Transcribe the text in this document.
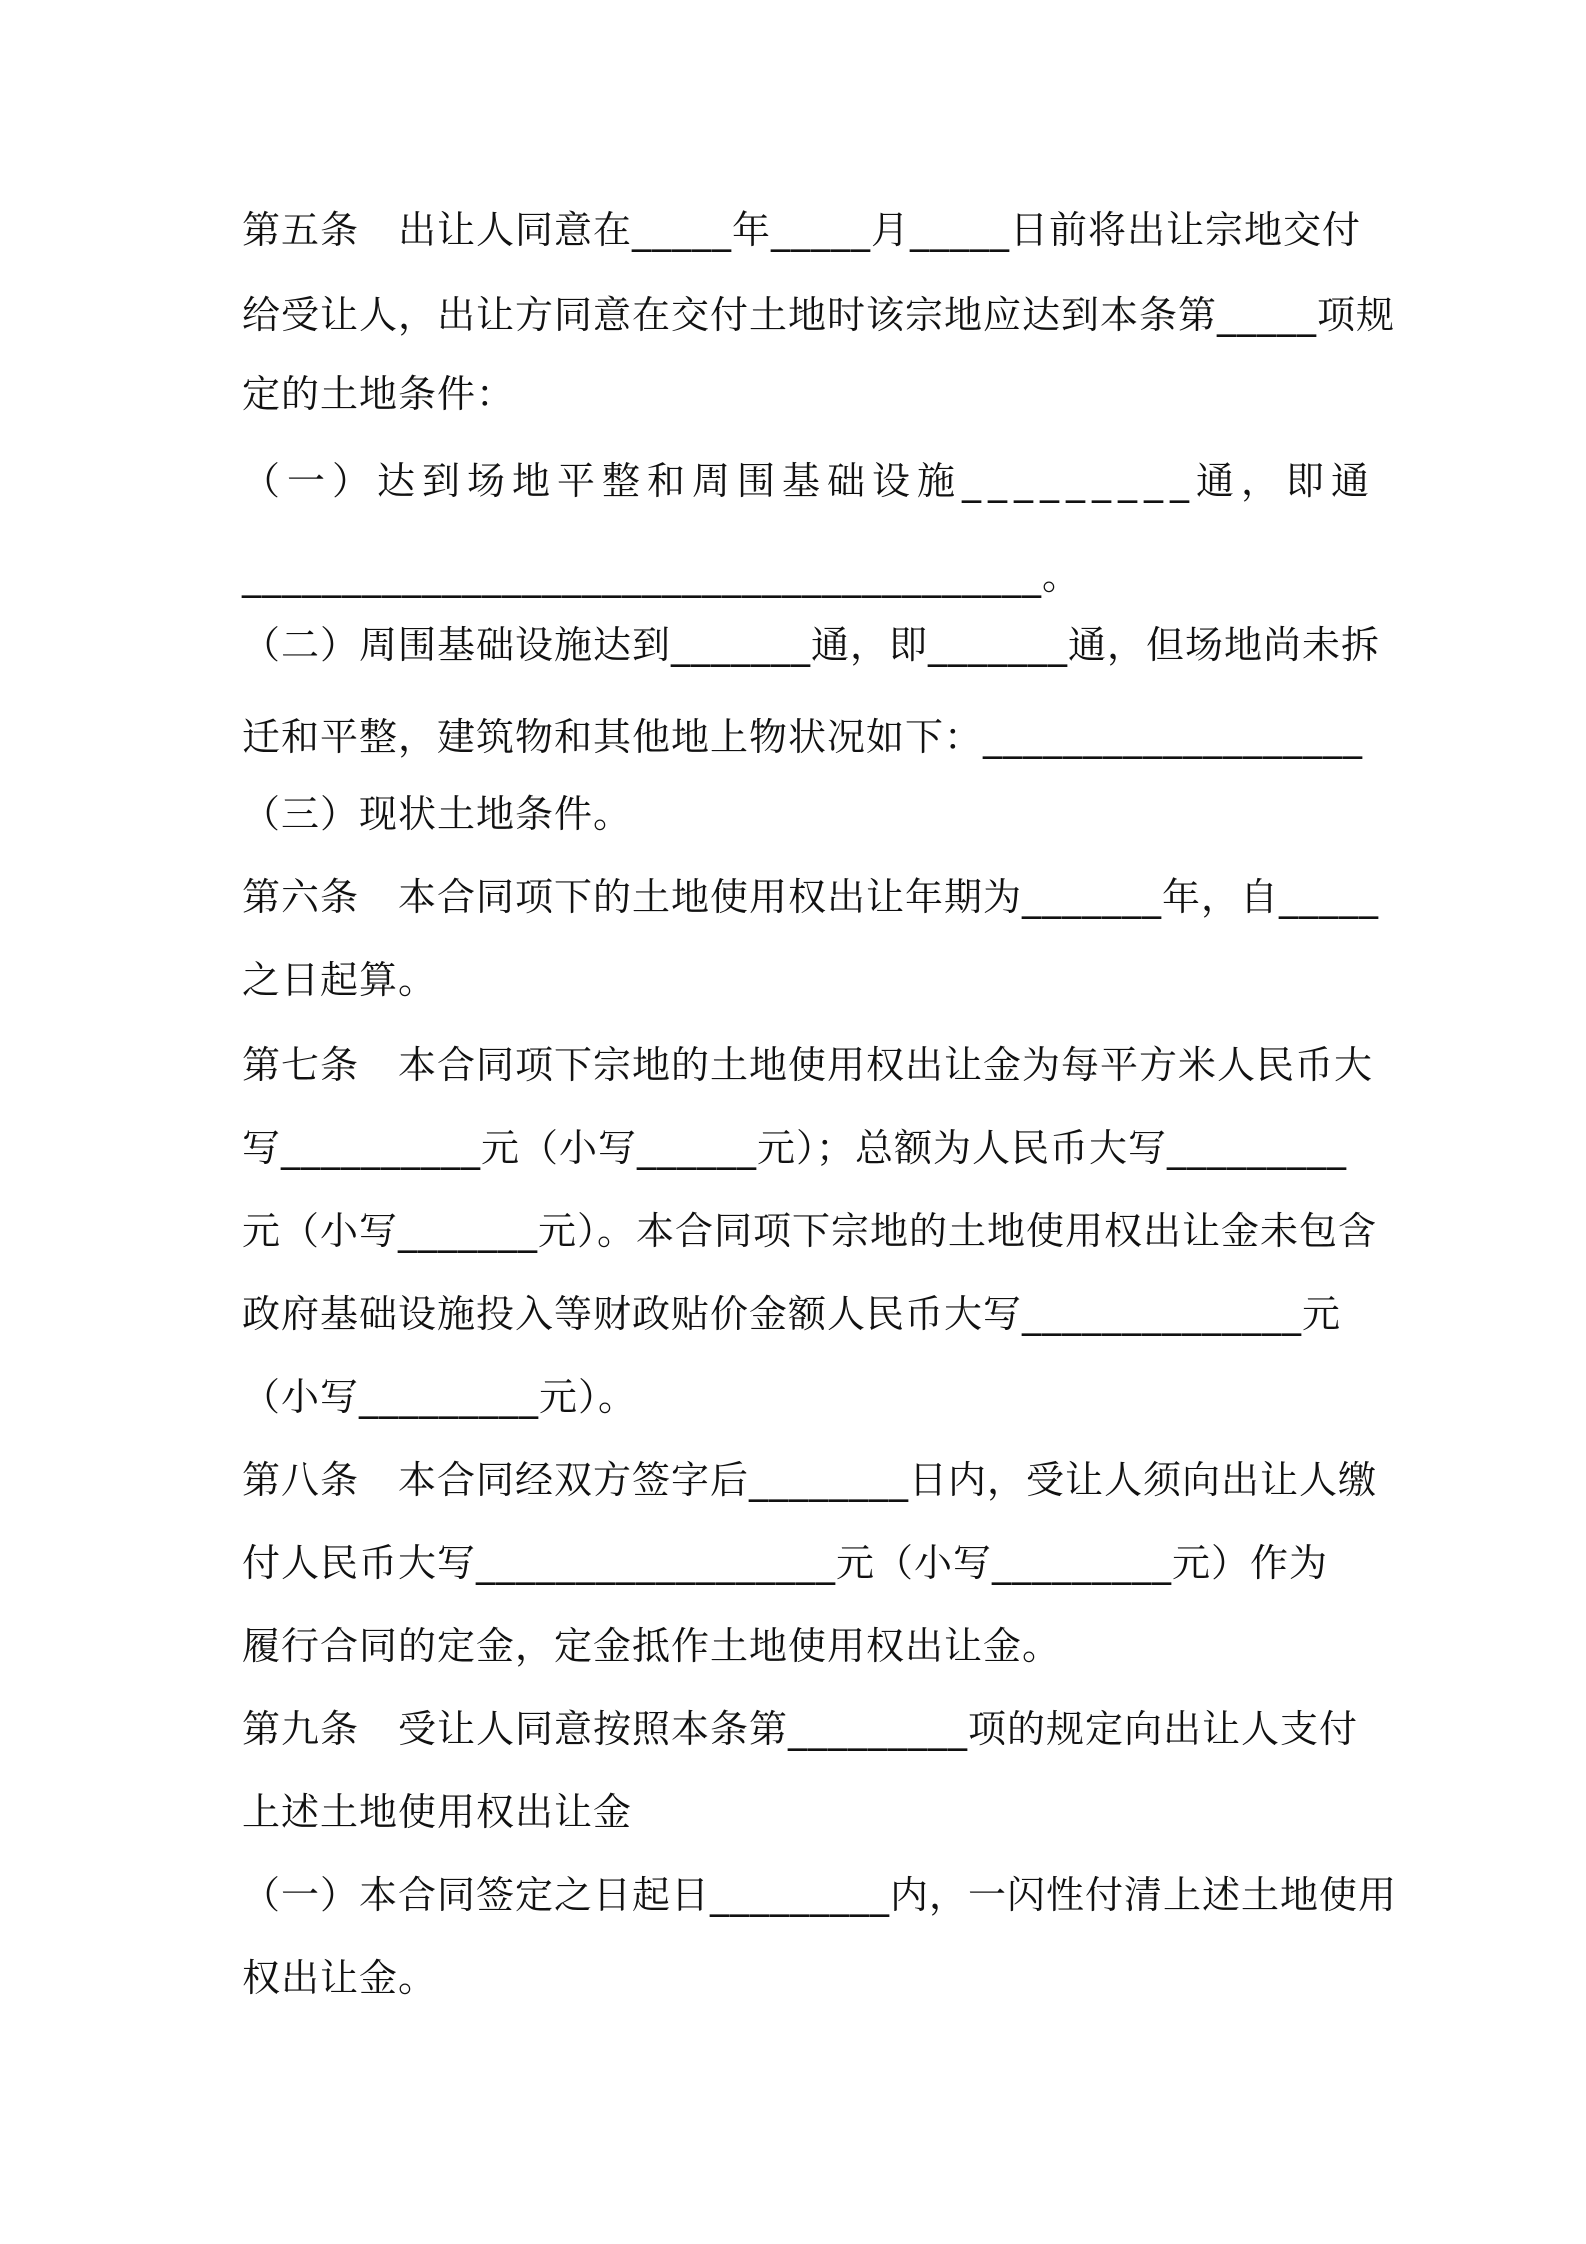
第五条　出让人同意在_____年_____月_____日前将出让宗地交付
给受让人，出让方同意在交付土地时该宗地应达到本条第_____项规
定的土地条件：
（一）达到场地平整和周围基础设施_________通，即通
________________________________________。
（二）周围基础设施达到_______通，即_______通，但场地尚未拆
迁和平整，建筑物和其他地上物状况如下：___________________
（三）现状土地条件。
第六条　本合同项下的土地使用权出让年期为_______年，自_____
之日起算。
第七条　本合同项下宗地的土地使用权出让金为每平方米人民币大
写__________元（小写______元）；总额为人民币大写_________
元（小写_______元）。本合同项下宗地的土地使用权出让金未包含
政府基础设施投入等财政贴价金额人民币大写______________元
（小写_________元）。
第八条　本合同经双方签字后________日内，受让人须向出让人缴
付人民币大写__________________元（小写_________元）作为
履行合同的定金，定金抵作土地使用权出让金。
第九条　受让人同意按照本条第_________项的规定向出让人支付
上述土地使用权出让金
（一）本合同签定之日起日_________内，一闪性付清上述土地使用
权出让金。
